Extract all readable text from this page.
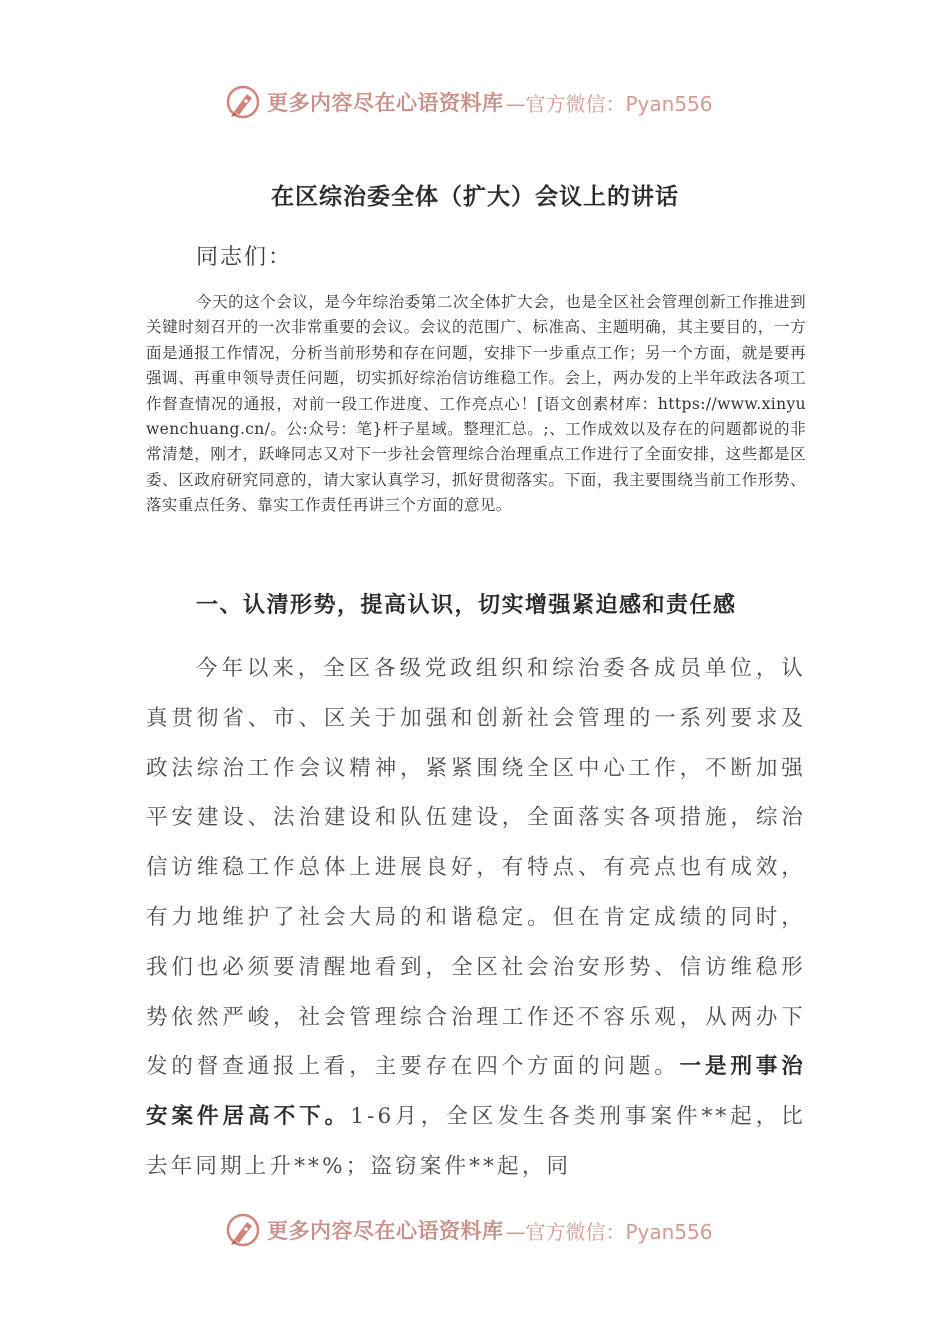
更多内容尽在心语资料库 —官方微信：Pyan556
在区综治委全体（扩大）会议上的讲话
同志们：
今天的这个会议，是今年综治委第二次全体扩大会，也是全区社会管理创新工作推进到关键时刻召开的一次非常重要的会议。会议的范围广、标准高、主题明确，其主要目的，一方面是通报工作情况，分析当前形势和存在问题，安排下一步重点工作；另一个方面，就是要再强调、再重申领导责任问题，切实抓好综治信访维稳工作。会上，两办发的上半年政法各项工作督查情况的通报，对前一段工作进度、工作亮点心！[语文创素材库：https://www.xinyuwenchuang.cn/。公:众号：笔}杆子星域。整理汇总。;、工作成效以及存在的问题都说的非常清楚，刚才，跃峰同志又对下一步社会管理综合治理重点工作进行了全面安排，这些都是区委、区政府研究同意的，请大家认真学习，抓好贯彻落实。下面，我主要围绕当前工作形势、落实重点任务、靠实工作责任再讲三个方面的意见。
一、认清形势，提高认识，切实增强紧迫感和责任感
今年以来，全区各级党政组织和综治委各成员单位，认真贯彻省、市、区关于加强和创新社会管理的一系列要求及政法综治工作会议精神，紧紧围绕全区中心工作，不断加强平安建设、法治建设和队伍建设，全面落实各项措施，综治信访维稳工作总体上进展良好，有特点、有亮点也有成效，有力地维护了社会大局的和谐稳定。但在肯定成绩的同时，我们也必须要清醒地看到，全区社会治安形势、信访维稳形势依然严峻，社会管理综合治理工作还不容乐观，从两办下发的督查通报上看，主要存在四个方面的问题。一是刑事治安案件居高不下。1-6月，全区发生各类刑事案件**起，比去年同期上升**%；盗窃案件**起，同
更多内容尽在心语资料库 —官方微信：Pyan556
